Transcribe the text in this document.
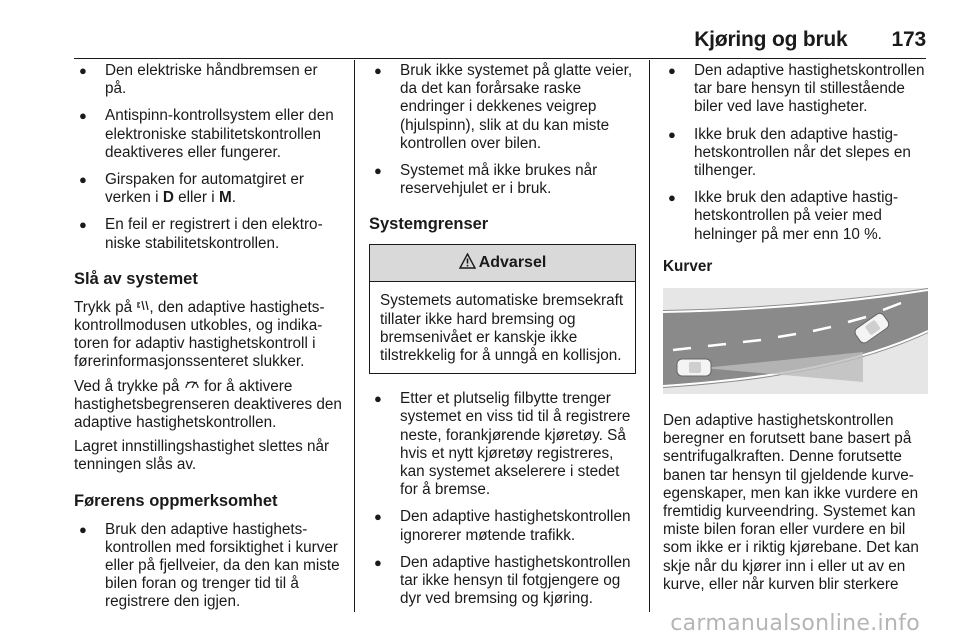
Kjøring og bruk 173
● Den elektriske håndbremsen er på.
● Antispinn-kontrollsystem eller den elektroniske stabilitetskontrollen deaktiveres eller fungerer.
● Girspaken for automatgiret er verken i D eller i M.
● En feil er registrert i den elektroniske stabilitetskontrollen.
Slå av systemet

Trykk på , den adaptive hastighetskontrollmodusen utkobles, og indikatoren for adaptiv hastighetskontroll i førerinformasjonssenteret slukker.

Ved å trykke på  for å aktivere hastighetsbegrenseren deaktiveres den adaptive hastighetskontrollen.

Lagret innstillingshastighet slettes når tenningen slås av.

Førerens oppmerksomhet
● Bruk den adaptive hastighetskontrollen med forsiktighet i kurver eller på fjellveier, da den kan miste bilen foran og trenger tid til å registrere den igjen.
● Bruk ikke systemet på glatte veier, da det kan forårsake raske endringer i dekkenes veigrep (hjulspinn), slik at du kan miste kontrollen over bilen.
● Systemet må ikke brukes når reservehjulet er i bruk.
Systemgrenser
Advarsel
Systemets automatiske bremsekraft tillater ikke hard bremsing og bremsenivået er kanskje ikke tilstrekkelig for å unngå en kollisjon.
● Etter et plutselig filbytte trenger systemet en viss tid til å registrere neste, forankjørende kjøretøy. Så hvis et nytt kjøretøy registreres, kan systemet akselerere i stedet for å bremse.
● Den adaptive hastighetskontrollen ignorerer møtende trafikk.
● Den adaptive hastighetskontrollen tar ikke hensyn til fotgjengere og dyr ved bremsing og kjøring.
● Den adaptive hastighetskontrollen tar bare hensyn til stillestående biler ved lave hastigheter.
● Ikke bruk den adaptive hastighetskontrollen når det slepes en tilhenger.
● Ikke bruk den adaptive hastighetskontrollen på veier med helninger på mer enn 10 %.
Kurver

Den adaptive hastighetskontrollen beregner en forutsett bane basert på sentrifugalkraften. Denne forutsette banen tar hensyn til gjeldende kurveegenskaper, men kan ikke vurdere en fremtidig kurveendring. Systemet kan miste bilen foran eller vurdere en bil som ikke er i riktig kjørebane. Det kan skje når du kjører inn i eller ut av en kurve, eller når kurven blir sterkere

carmanualsonline.info
